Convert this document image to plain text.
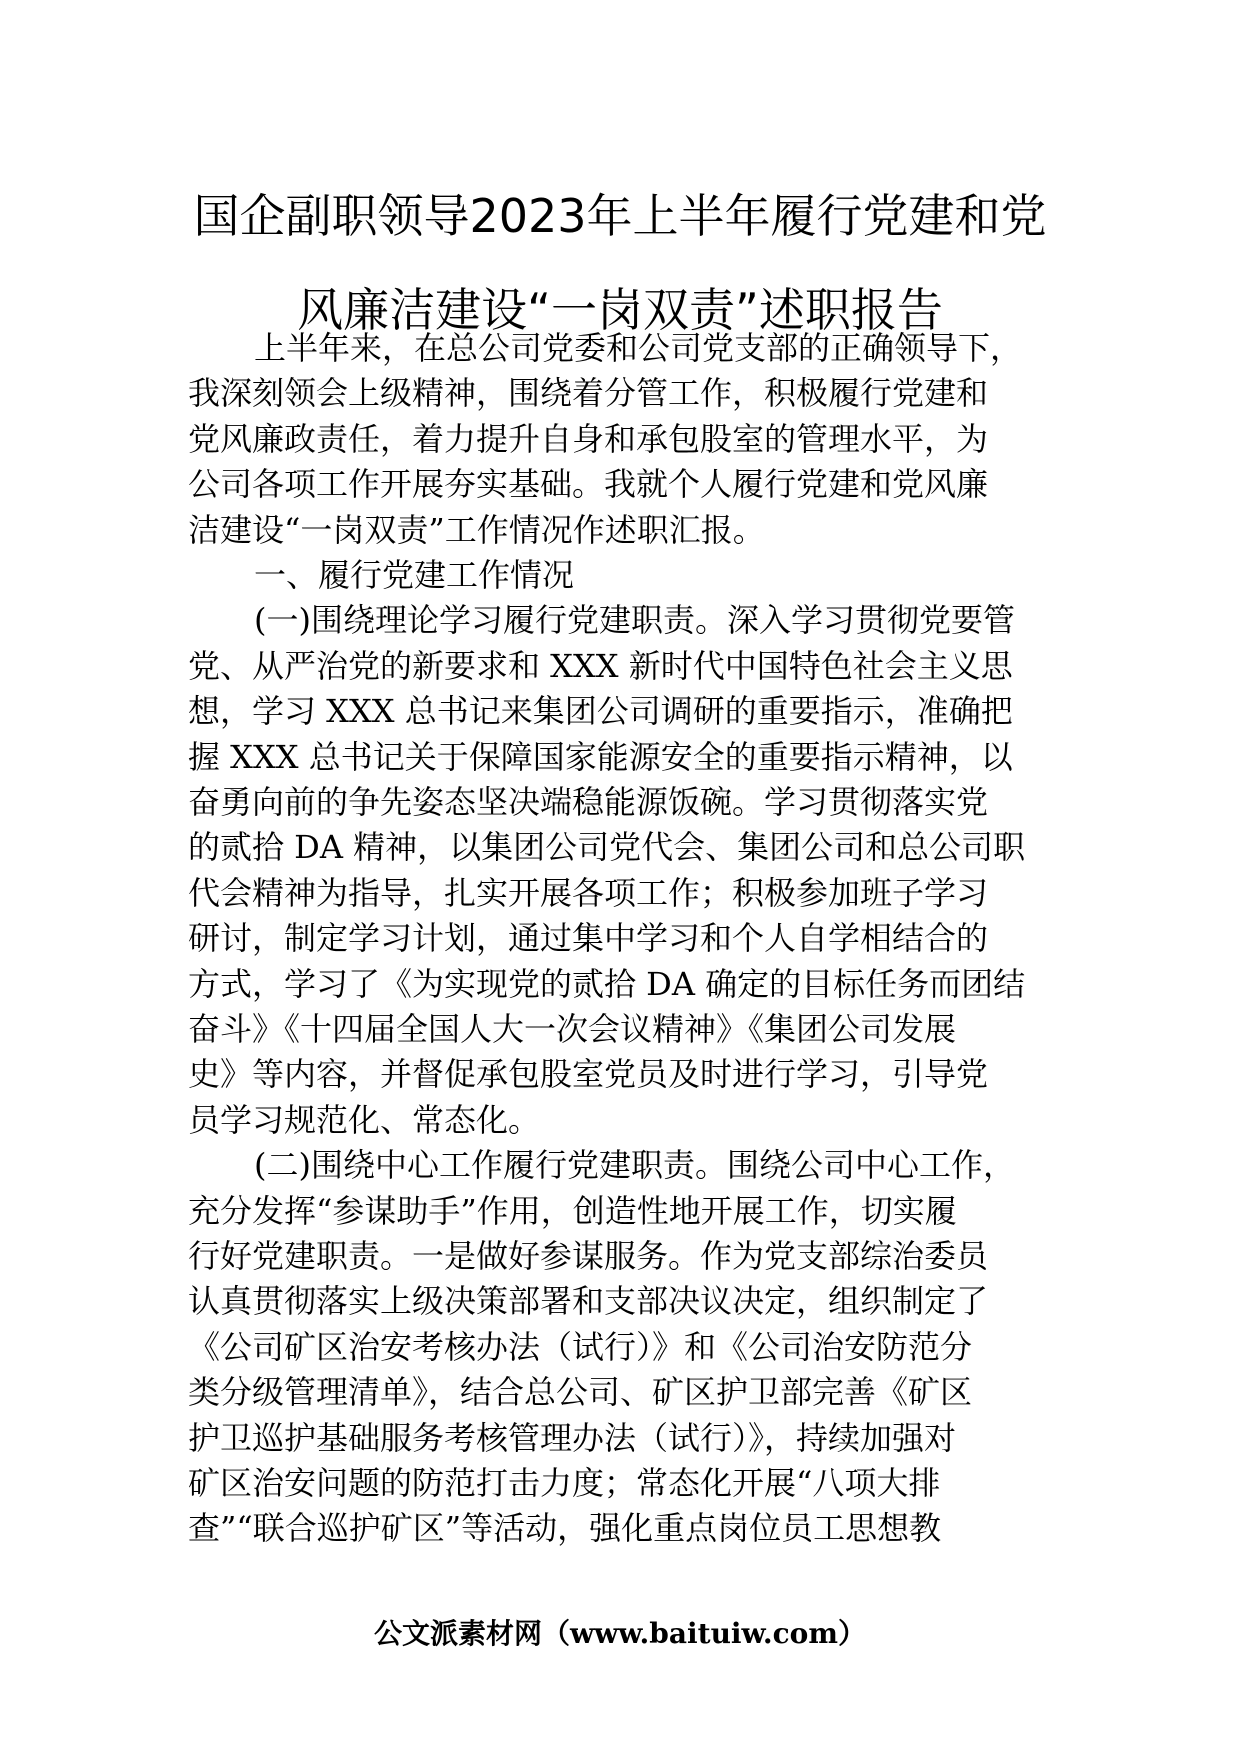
国企副职领导2023年上半年履行党建和党
风廉洁建设“一岗双责”述职报告
上半年来，在总公司党委和公司党支部的正确领导下，
我深刻领会上级精神，围绕着分管工作，积极履行党建和
党风廉政责任，着力提升自身和承包股室的管理水平，为
公司各项工作开展夯实基础。我就个人履行党建和党风廉
洁建设“一岗双责”工作情况作述职汇报。
一、履行党建工作情况
(一)围绕理论学习履行党建职责。深入学习贯彻党要管
党、从严治党的新要求和 XXX 新时代中国特色社会主义思
想，学习 XXX 总书记来集团公司调研的重要指示，准确把
握 XXX 总书记关于保障国家能源安全的重要指示精神，以
奋勇向前的争先姿态坚决端稳能源饭碗。学习贯彻落实党
的贰拾 DA 精神，以集团公司党代会、集团公司和总公司职
代会精神为指导，扎实开展各项工作；积极参加班子学习
研讨，制定学习计划，通过集中学习和个人自学相结合的
方式，学习了《为实现党的贰拾 DA 确定的目标任务而团结
奋斗》《十四届全国人大一次会议精神》《集团公司发展
史》等内容，并督促承包股室党员及时进行学习，引导党
员学习规范化、常态化。
(二)围绕中心工作履行党建职责。围绕公司中心工作，
充分发挥“参谋助手”作用，创造性地开展工作，切实履
行好党建职责。一是做好参谋服务。作为党支部综治委员
认真贯彻落实上级决策部署和支部决议决定，组织制定了
《公司矿区治安考核办法（试行）》和《公司治安防范分
类分级管理清单》，结合总公司、矿区护卫部完善《矿区
护卫巡护基础服务考核管理办法（试行）》，持续加强对
矿区治安问题的防范打击力度；常态化开展“八项大排
查”“联合巡护矿区”等活动，强化重点岗位员工思想教
公文派素材网（www.baituiw.com）
